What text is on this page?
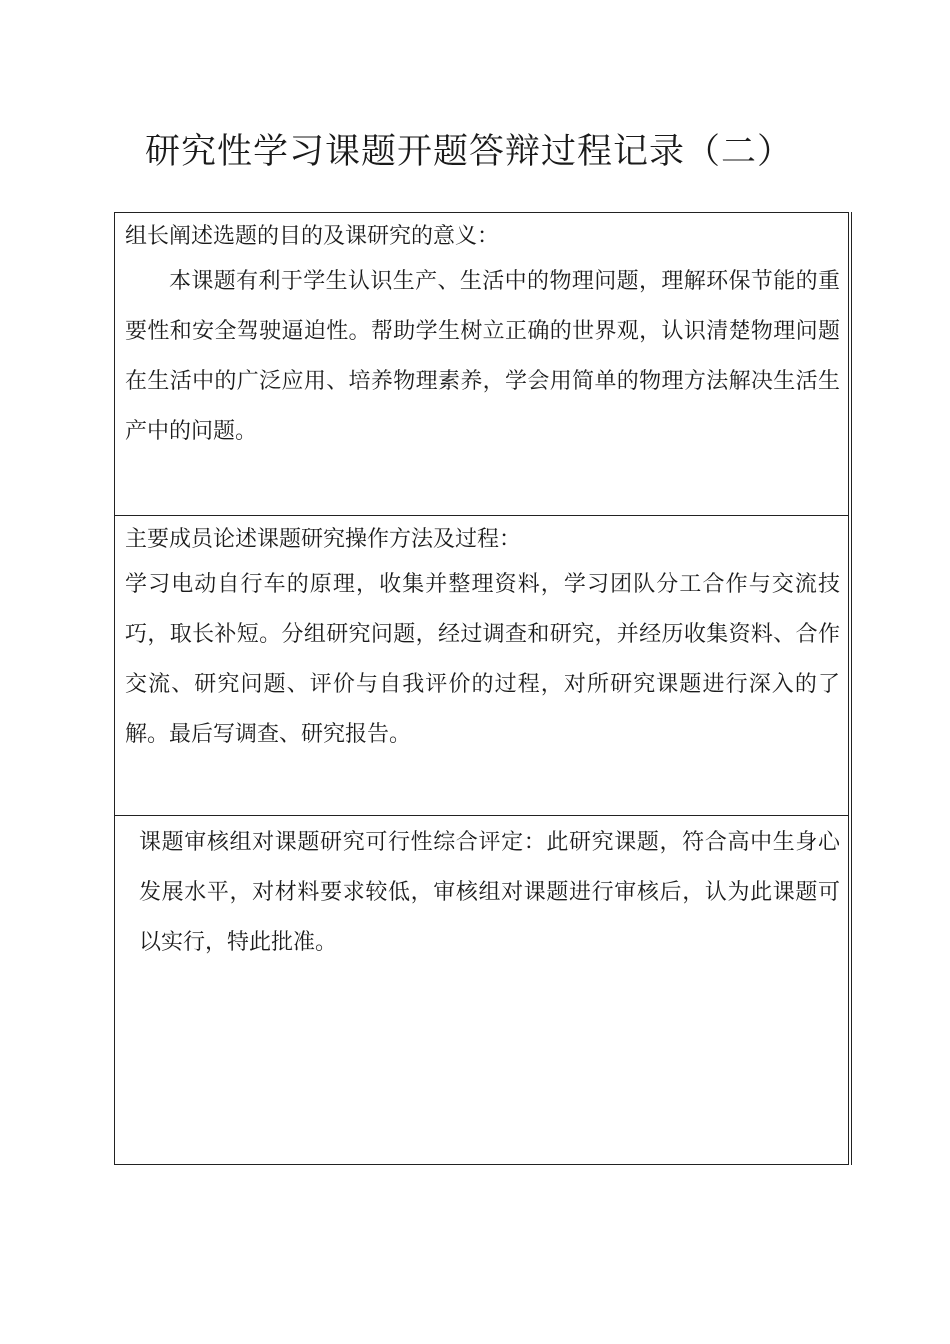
研究性学习课题开题答辩过程记录（二）
组长阐述选题的目的及课研究的意义：
本课题有利于学生认识生产、生活中的物理问题，理解环保节能的重要性和安全驾驶逼迫性。帮助学生树立正确的世界观，认识清楚物理问题在生活中的广泛应用、培养物理素养，学会用简单的物理方法解决生活生产中的问题。
主要成员论述课题研究操作方法及过程：
学习电动自行车的原理，收集并整理资料，学习团队分工合作与交流技巧，取长补短。分组研究问题，经过调查和研究，并经历收集资料、合作交流、研究问题、评价与自我评价的过程，对所研究课题进行深入的了解。最后写调查、研究报告。
课题审核组对课题研究可行性综合评定：此研究课题，符合高中生身心发展水平，对材料要求较低，审核组对课题进行审核后，认为此课题可以实行，特此批准。
